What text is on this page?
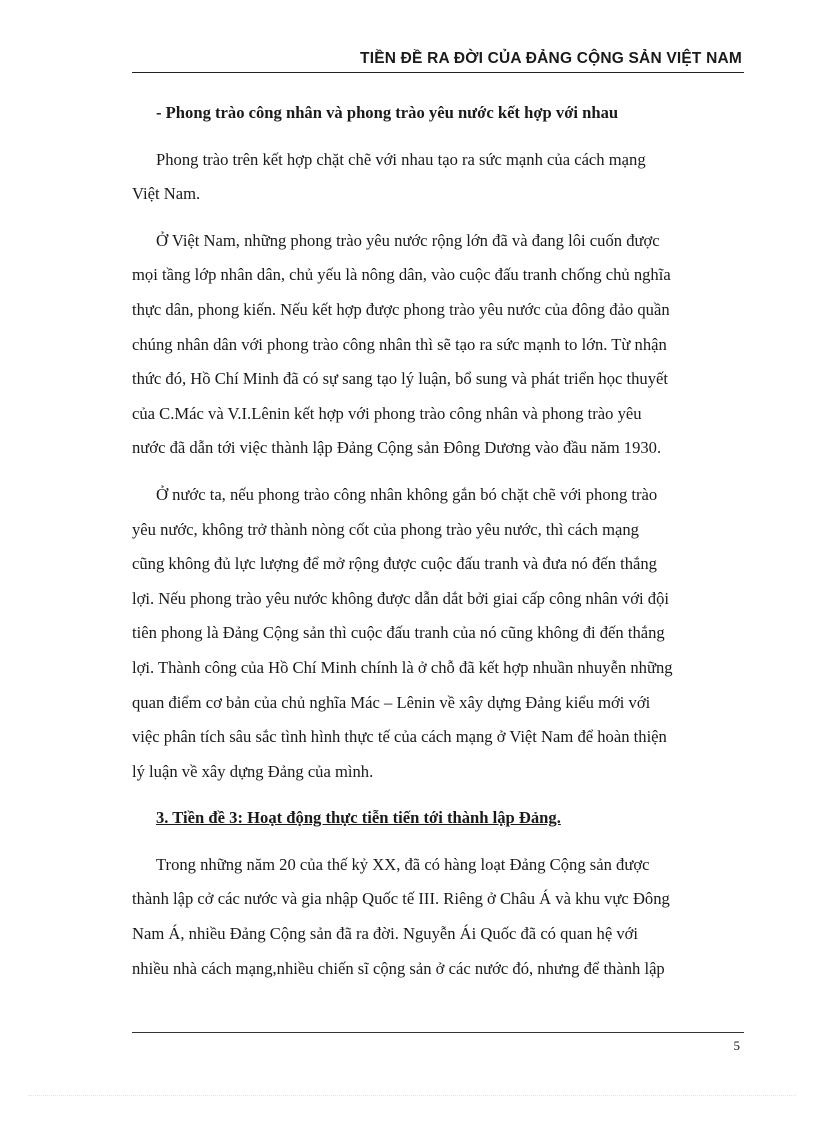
TIỀN ĐỀ RA ĐỜI CỦA ĐẢNG CỘNG SẢN VIỆT NAM
- Phong trào công nhân và phong trào yêu nước kết hợp với nhau
Phong trào trên kết hợp chặt chẽ với nhau tạo ra sức mạnh của cách mạng
Việt Nam.
Ở Việt Nam, những phong trào yêu nước rộng lớn đã và đang lôi cuốn được
mọi tầng lớp nhân dân, chủ yếu là nông dân, vào cuộc đấu tranh chống chủ nghĩa
thực dân, phong kiến. Nếu kết hợp được phong trào yêu nước của đông đảo quần
chúng nhân dân với phong trào công nhân thì sẽ tạo ra sức mạnh to lớn. Từ nhận
thức đó, Hồ Chí Minh đã có sự sang tạo lý luận, bổ sung và phát triển học thuyết
của C.Mác và V.I.Lênin kết hợp với phong trào công nhân và phong trào yêu
nước đã dẫn tới việc thành lập Đảng Cộng sản Đông Dương vào đầu năm 1930.
Ở nước ta, nếu phong trào công nhân không gắn bó chặt chẽ với phong trào
yêu nước, không trở thành nòng cốt của phong trào yêu nước, thì cách mạng
cũng không đủ lực lượng để mở rộng được cuộc đấu tranh và đưa nó đến thắng
lợi. Nếu phong trào yêu nước không được dẫn dắt bởi giai cấp công nhân với đội
tiên phong là Đảng Cộng sản thì cuộc đấu tranh của nó cũng không đi đến thắng
lợi. Thành công của Hồ Chí Minh chính là ở chỗ đã kết hợp nhuần nhuyễn những
quan điểm cơ bản của chủ nghĩa Mác – Lênin về xây dựng Đảng kiểu mới với
việc phân tích sâu sắc tình hình thực tế của cách mạng ở Việt Nam để hoàn thiện
lý luận về xây dựng Đảng của mình.
3. Tiền đề 3: Hoạt động thực tiễn tiến tới thành lập Đảng.
Trong những năm 20 của thế kỷ XX, đã có hàng loạt Đảng Cộng sản được
thành lập cở các nước và gia nhập Quốc tế III. Riêng ở Châu Á và khu vực Đông
Nam Á, nhiều Đảng Cộng sản đã ra đời. Nguyễn Ái Quốc đã có quan hệ với
nhiều nhà cách mạng,nhiều chiến sĩ cộng sản ở các nước đó, nhưng để thành lập
5
